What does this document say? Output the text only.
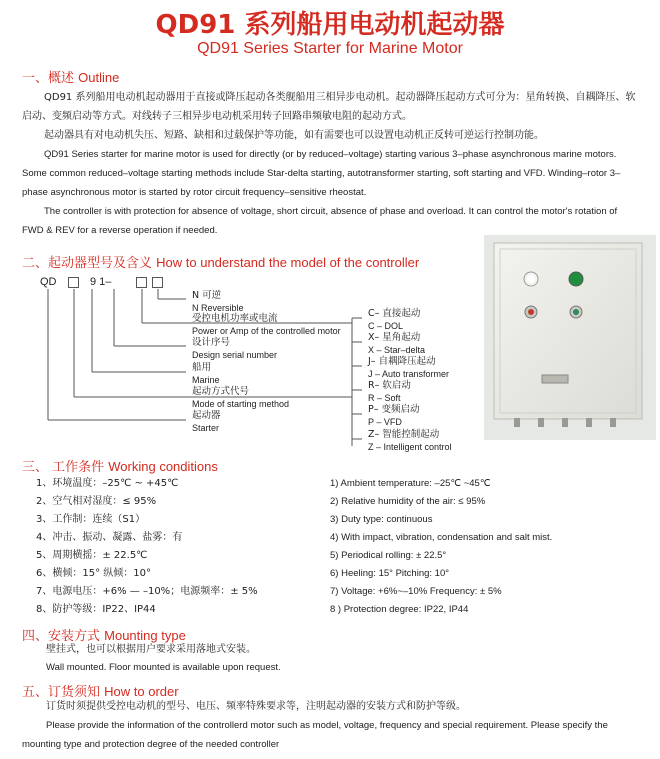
QD91 系列船用电动机起动器
QD91 Series Starter for Marine Motor
一、概述 Outline
QD91 系列船用电动机起动器用于直接或降压起动各类舰船用三相异步电动机。起动器降压起动方式可分为：星角转换、自耦降压、软启动、变频启动等方式。对线转子三相异步电动机采用转子回路串频敏电阻的起动方式。
起动器具有对电动机失压、短路、缺相和过载保护等功能，如有需要也可以设置电动机正反转可逆运行控制功能。
QD91 Series starter for marine motor is used for directly (or by reduced–voltage) starting various 3–phase asynchronous marine motors. Some common reduced–voltage starting methods include Star-delta starting, autotransformer starting, soft starting and VFD. Winding–rotor 3–phase asynchronous motor is started by rotor circuit frequency–sensitive rheostat.
The controller is with protection for absence of voltage, short circuit, absence of phase and overload. It can control the motor's rotation of FWD & REV for a reverse operation if needed.
二、起动器型号及含义 How to understand the model of the controller
QD	9 1–
N 可逆
N Reversible
受控电机功率或电流
Power or Amp of the controlled motor
设计序号
Design serial number
船用
Marine
起动方式代号
Mode of starting method
起动器
Starter
C– 直接起动
C – DOL
X– 星角起动
X – Star–delta
J– 自耦降压起动
J – Auto transformer
R– 软启动
R – Soft
P– 变频启动
P – VFD
Z– 智能控制起动
Z – Intelligent control
三、 工作条件 Working conditions
1、环境温度：–25℃ ~ +45℃
2、空气相对湿度：≤ 95%
3、工作制：连续（S1）
4、冲击、振动、凝露、盐雾：有
5、周期横摇：± 22.5℃
6、横倾：15° 纵倾：10°
7、电源电压：+6% — –10%；电源频率：± 5%
8、防护等级：IP22、IP44
1) Ambient temperature: –25℃ ~45℃
2) Relative humidity of the air: ≤ 95%
3) Duty type: continuous
4) With impact, vibration, condensation and salt mist.
5) Periodical rolling: ± 22.5°
6) Heeling: 15° Pitching: 10°
7) Voltage: +6%~–10% Frequency: ± 5%
8 ) Protection degree: IP22, IP44
四、安装方式 Mounting type
壁挂式，也可以根据用户要求采用落地式安装。
Wall mounted. Floor mounted is available upon request.
五、订货须知 How to order
订货时须提供受控电动机的型号、电压、频率特殊要求等，注明起动器的安装方式和防护等级。
Please provide the information of the controllerd motor such as model, voltage, frequency and special requirement. Please specify the mounting type and protection degree of the needed controller
